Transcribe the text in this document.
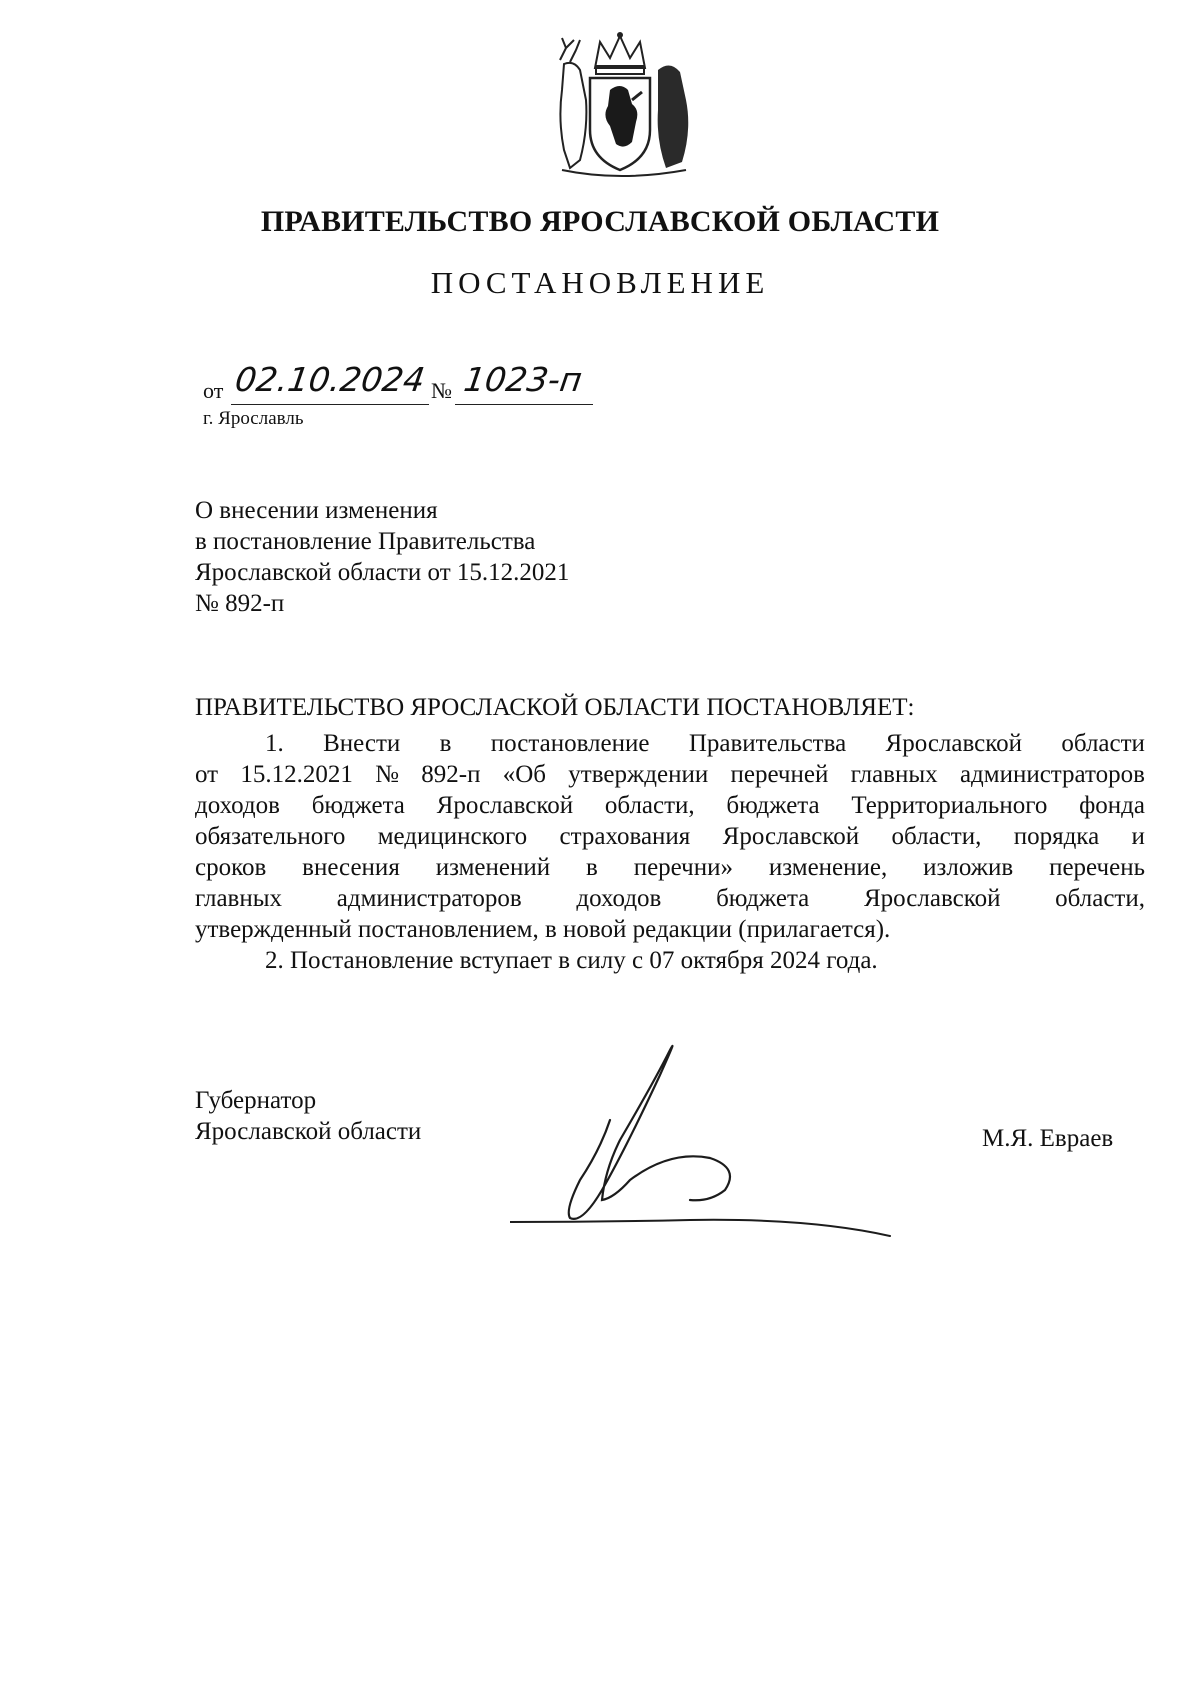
ПРАВИТЕЛЬСТВО ЯРОСЛАВСКОЙ ОБЛАСТИ
ПОСТАНОВЛЕНИЕ
от 02.10.2024 № 1023-п
г. Ярославль
О внесении изменения
в постановление Правительства
Ярославской области от 15.12.2021
№ 892-п
ПРАВИТЕЛЬСТВО ЯРОСЛАСКОЙ ОБЛАСТИ ПОСТАНОВЛЯЕТ:
1. Внести в постановление Правительства Ярославской области
от 15.12.2021 № 892-п «Об утверждении перечней главных администраторов
доходов бюджета Ярославской области, бюджета Территориального фонда
обязательного медицинского страхования Ярославской области, порядка и
сроков внесения изменений в перечни» изменение, изложив перечень
главных администраторов доходов бюджета Ярославской области,
утвержденный постановлением, в новой редакции (прилагается).
2. Постановление вступает в силу с 07 октября 2024 года.
Губернатор
Ярославской области	М.Я. Евраев
